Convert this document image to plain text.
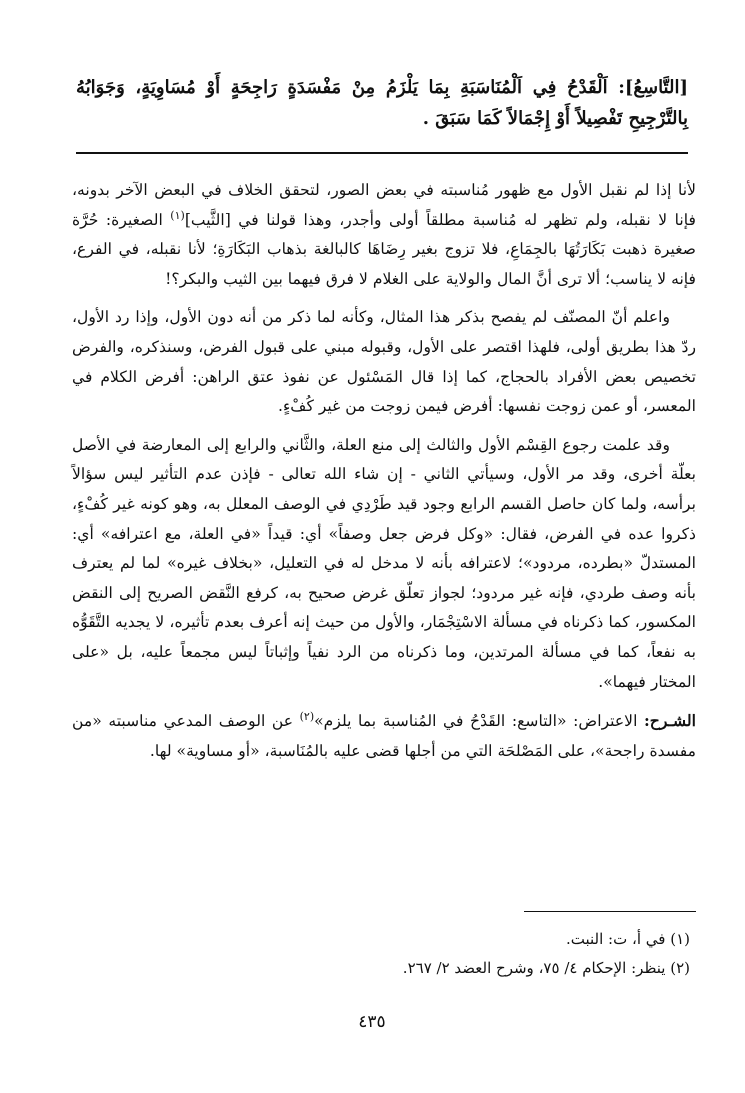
[التَّاسِعُ]: اَلْقَدْحُ فِي اَلْمُنَاسَبَةِ بِمَا يَلْزَمُ مِنْ مَفْسَدَةٍ رَاجِحَةٍ أَوْ مُسَاوِيَةٍ، وَجَوَابُهُ بِالتَّرْجِيحِ تَفْصِيلاً أَوْ إِجْمَالاً كَمَا سَبَقَ .

لأنا إذا لم نقبل الأول مع ظهور مُناسبته في بعض الصور، لتحقق الخلاف في البعض الآخر بدونه، فإنا لا نقبله، ولم تظهر له مُناسبة مطلقاً أولى وأجدر، وهذا قولنا في [الثَّيب]$^{(١)}$ الصغيرة: حُرَّة صغيرة ذهبت بَكَارَتُهَا بالجِمَاعِ، فلا تزوج بغير رِضَاهَا كالبالغة بذهاب البَكَارَةِ؛ لأنا نقبله، في الفرع، فإنه لا يناسب؛ ألا ترى أنَّ المال والولاية على الغلام لا فرق فيهما بين الثيب والبكر؟!

واعلم أنّ المصنّف لم يفصح بذكر هذا المثال، وكأنه لما ذكر من أنه دون الأول، وإذا رد الأول، ردّ هذا بطريق أولى، فلهذا اقتصر على الأول، وقبوله مبني على قبول الفرض، وسنذكره، والفرض تخصيص بعض الأفراد بالحجاج، كما إذا قال المَسْئول عن نفوذ عتق الراهن: أفرض الكلام في المعسر، أو عمن زوجت نفسها: أفرض فيمن زوجت من غير كُفْءٍ.

وقد علمت رجوع القِسْم الأول والثالث إلى منع العلة، والثَّاني والرابع إلى المعارضة في الأصل بعلّة أخرى، وقد مر الأول، وسيأتي الثاني - إن شاء الله تعالى - فإذن عدم التأثير ليس سؤالاً برأسه، ولما كان حاصل القسم الرابع وجود قيد طَرْدِي في الوصف المعلل به، وهو كونه غير كُفْءٍ، ذكروا عده في الفرض، فقال: «وكل فرض جعل وصفاً» أي: قيداً «في العلة، مع اعترافه» أي: المستدلّ «بطرده، مردود»؛ لاعترافه بأنه لا مدخل له في التعليل، «بخلاف غيره» لما لم يعترف بأنه وصف طردي، فإنه غير مردود؛ لجواز تعلّق غرض صحيح به، كرفع النَّقض الصريح إلى النقض المكسور، كما ذكرناه في مسألة الاسْتِجْمَار، والأول من حيث إنه أعرف بعدم تأثيره، لا يجديه التَّقَوُّه به نفعاً، كما في مسألة المرتدين، وما ذكرناه من الرد نفياً وإثباتاً ليس مجمعاً عليه، بل «على المختار فيهما».

الشـرح: الاعتراض: «التاسع: القَدْحُ في المُناسبة بما يلزم»$^{(٢)}$ عن الوصف المدعي مناسبته «من مفسدة راجحة»، على المَصْلحَة التي من أجلها قضى عليه بالمُنَاسبة، «أو مساوية» لها.

(١) في أ، ت: النبت.
(٢) ينظر: الإحكام ٤/ ٧٥، وشرح العضد ٢/ ٢٦٧.
٤٣٥
